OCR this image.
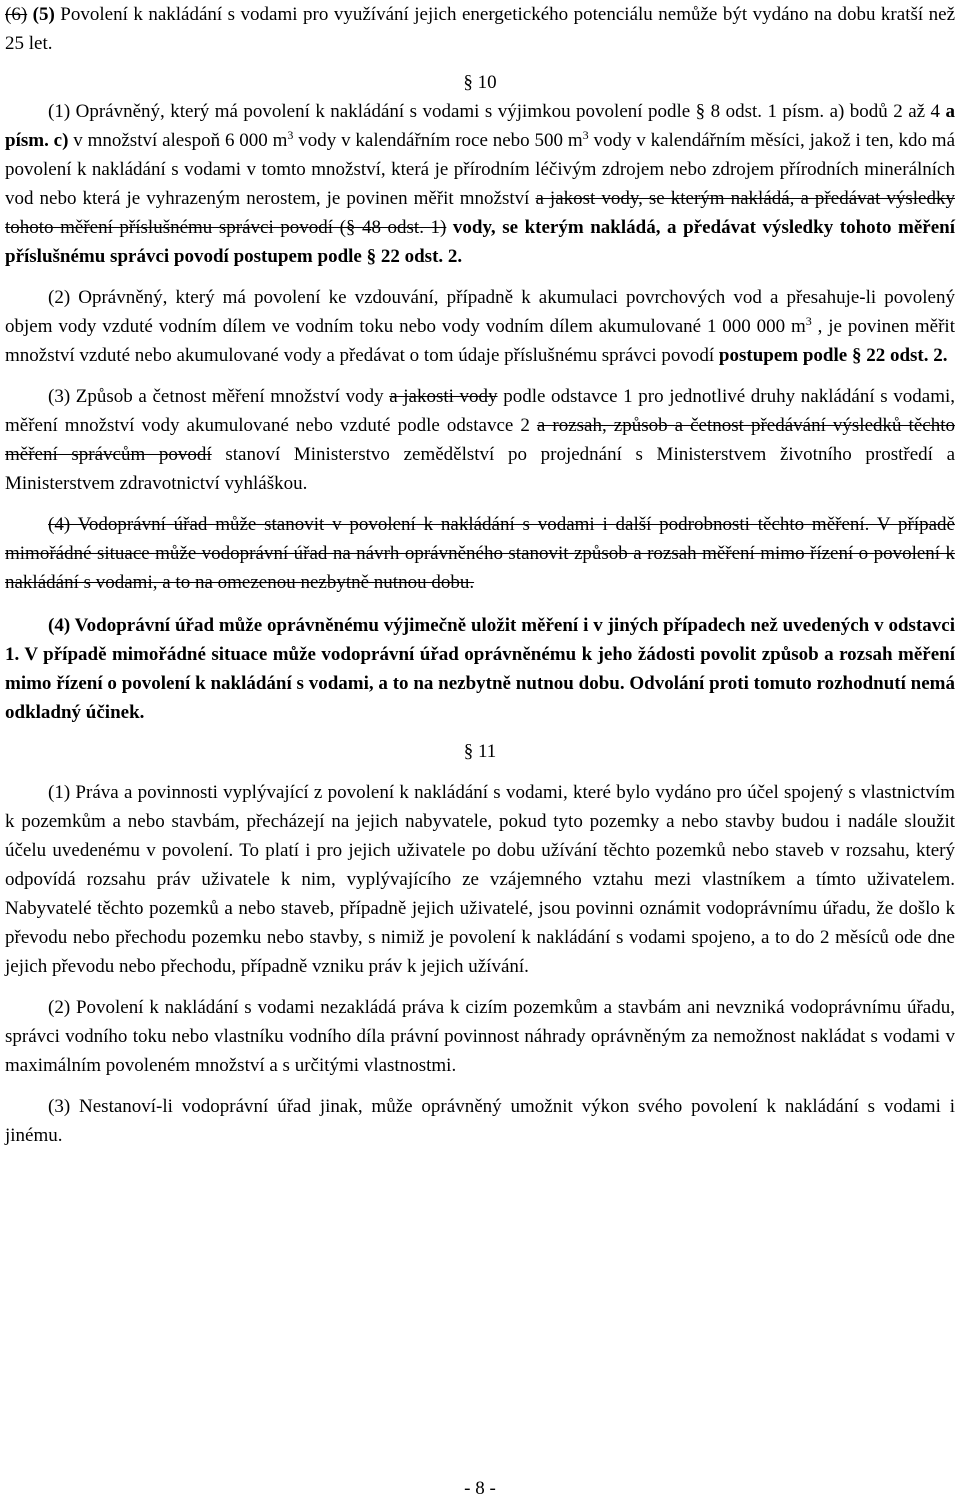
(6) (5) Povolení k nakládání s vodami pro využívání jejich energetického potenciálu nemůže být vydáno na dobu kratší než 25 let.

§ 10

(1) Oprávněný, který má povolení k nakládání s vodami s výjimkou povolení podle § 8 odst. 1 písm. a) bodů 2 až 4 a písm. c) v množství alespoň 6 000 $m^3$ vody v kalendářním roce nebo 500 $m^3$ vody v kalendářním měsíci, jakož i ten, kdo má povolení k nakládání s vodami v tomto množství, která je přírodním léčivým zdrojem nebo zdrojem přírodních minerálních vod nebo která je vyhrazeným nerostem, je povinen měřit množství a jakost vody, se kterým nakládá, a předávat výsledky tohoto měření příslušnému správci povodí (§ 48 odst. 1) vody, se kterým nakládá, a předávat výsledky tohoto měření příslušnému správci povodí postupem podle § 22 odst. 2.

(2) Oprávněný, který má povolení ke vzdouvání, případně k akumulaci povrchových vod a přesahuje-li povolený objem vody vzduté vodním dílem ve vodním toku nebo vody vodním dílem akumulované 1 000 000 $m^3$ , je povinen měřit množství vzduté nebo akumulované vody a předávat o tom údaje příslušnému správci povodí postupem podle § 22 odst. 2.

(3) Způsob a četnost měření množství vody a jakosti vody podle odstavce 1 pro jednotlivé druhy nakládání s vodami, měření množství vody akumulované nebo vzduté podle odstavce 2 a rozsah, způsob a četnost předávání výsledků těchto měření správcům povodí stanoví Ministerstvo zemědělství po projednání s Ministerstvem životního prostředí a Ministerstvem zdravotnictví vyhláškou.

(4) Vodoprávní úřad může stanovit v povolení k nakládání s vodami i další podrobnosti těchto měření. V případě mimořádné situace může vodoprávní úřad na návrh oprávněného stanovit způsob a rozsah měření mimo řízení o povolení k nakládání s vodami, a to na omezenou nezbytně nutnou dobu.

(4) Vodoprávní úřad může oprávněnému výjimečně uložit měření i v jiných případech než uvedených v odstavci 1. V případě mimořádné situace může vodoprávní úřad oprávněnému k jeho žádosti povolit způsob a rozsah měření mimo řízení o povolení k nakládání s vodami, a to na nezbytně nutnou dobu. Odvolání proti tomuto rozhodnutí nemá odkladný účinek.

§ 11

(1) Práva a povinnosti vyplývající z povolení k nakládání s vodami, které bylo vydáno pro účel spojený s vlastnictvím k pozemkům a nebo stavbám, přecházejí na jejich nabyvatele, pokud tyto pozemky a nebo stavby budou i nadále sloužit účelu uvedenému v povolení. To platí i pro jejich uživatele po dobu užívání těchto pozemků nebo staveb v rozsahu, který odpovídá rozsahu práv uživatele k nim, vyplývajícího ze vzájemného vztahu mezi vlastníkem a tímto uživatelem. Nabyvatelé těchto pozemků a nebo staveb, případně jejich uživatelé, jsou povinni oznámit vodoprávnímu úřadu, že došlo k převodu nebo přechodu pozemku nebo stavby, s nimiž je povolení k nakládání s vodami spojeno, a to do 2 měsíců ode dne jejich převodu nebo přechodu, případně vzniku práv k jejich užívání.

(2) Povolení k nakládání s vodami nezakládá práva k cizím pozemkům a stavbám ani nevzniká vodoprávnímu úřadu, správci vodního toku nebo vlastníku vodního díla právní povinnost náhrady oprávněným za nemožnost nakládat s vodami v maximálním povoleném množství a s určitými vlastnostmi.

(3) Nestanoví-li vodoprávní úřad jinak, může oprávněný umožnit výkon svého povolení k nakládání s vodami i jinému.

- 8 -
